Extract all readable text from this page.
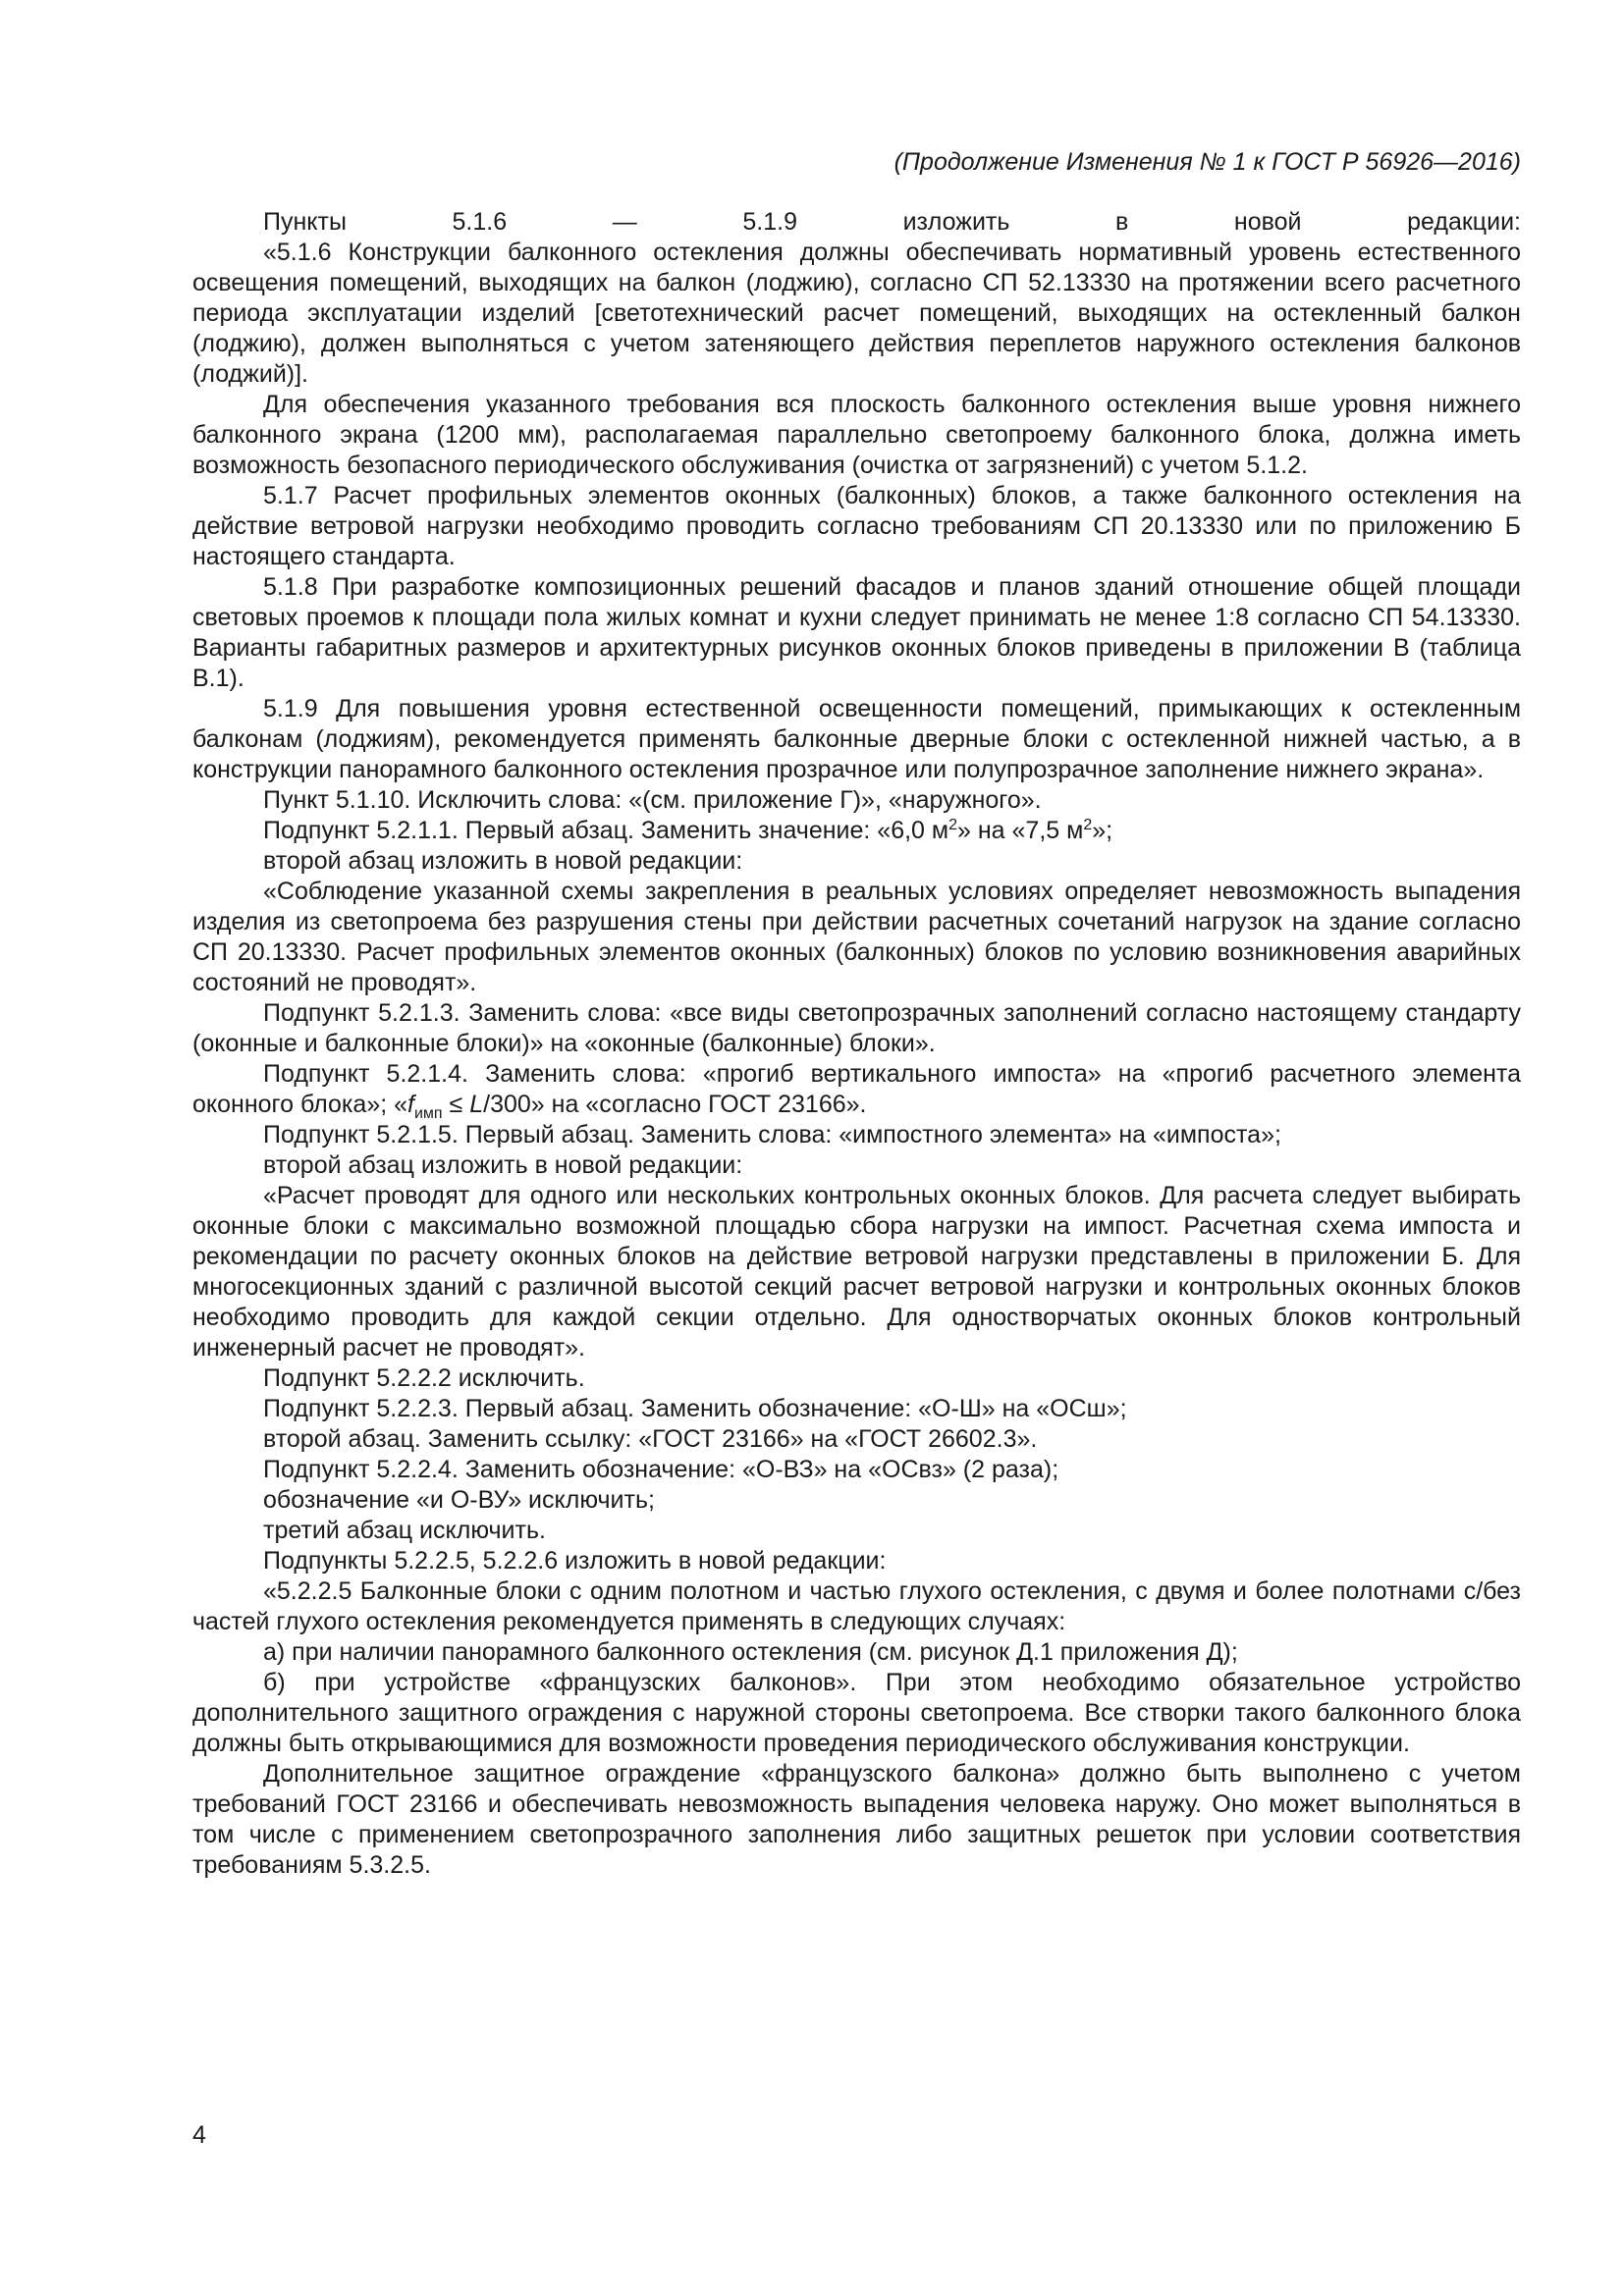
(Продолжение Изменения № 1 к ГОСТ Р 56926—2016)

Пункты 5.1.6 — 5.1.9 изложить в новой редакции:

«5.1.6 Конструкции балконного остекления должны обеспечивать нормативный уровень естественного освещения помещений, выходящих на балкон (лоджию), согласно СП 52.13330 на протяжении всего расчетного периода эксплуатации изделий [светотехнический расчет помещений, выходящих на остекленный балкон (лоджию), должен выполняться с учетом затеняющего действия переплетов наружного остекления балконов (лоджий)].

Для обеспечения указанного требования вся плоскость балконного остекления выше уровня нижнего балконного экрана (1200 мм), располагаемая параллельно светопроему балконного блока, должна иметь возможность безопасного периодического обслуживания (очистка от загрязнений) с учетом 5.1.2.

5.1.7 Расчет профильных элементов оконных (балконных) блоков, а также балконного остекления на действие ветровой нагрузки необходимо проводить согласно требованиям СП 20.13330 или по приложению Б настоящего стандарта.

5.1.8 При разработке композиционных решений фасадов и планов зданий отношение общей площади световых проемов к площади пола жилых комнат и кухни следует принимать не менее 1:8 согласно СП 54.13330. Варианты габаритных размеров и архитектурных рисунков оконных блоков приведены в приложении В (таблица В.1).

5.1.9 Для повышения уровня естественной освещенности помещений, примыкающих к остекленным балконам (лоджиям), рекомендуется применять балконные дверные блоки с остекленной нижней частью, а в конструкции панорамного балконного остекления прозрачное или полупрозрачное заполнение нижнего экрана».

Пункт 5.1.10. Исключить слова: «(см. приложение Г)», «наружного».

Подпункт 5.2.1.1. Первый абзац. Заменить значение: «6,0 $м^2$» на «7,5 $м^2$»;

второй абзац изложить в новой редакции:

«Соблюдение указанной схемы закрепления в реальных условиях определяет невозможность выпадения изделия из светопроема без разрушения стены при действии расчетных сочетаний нагрузок на здание согласно СП 20.13330. Расчет профильных элементов оконных (балконных) блоков по условию возникновения аварийных состояний не проводят».

Подпункт 5.2.1.3. Заменить слова: «все виды светопрозрачных заполнений согласно настоящему стандарту (оконные и балконные блоки)» на «оконные (балконные) блоки».

Подпункт 5.2.1.4. Заменить слова: «прогиб вертикального импоста» на «прогиб расчетного элемента оконного блока»; «$f_{имп} \le L/300$» на «согласно ГОСТ 23166».

Подпункт 5.2.1.5. Первый абзац. Заменить слова: «импостного элемента» на «импоста»;

второй абзац изложить в новой редакции:

«Расчет проводят для одного или нескольких контрольных оконных блоков. Для расчета следует выбирать оконные блоки с максимально возможной площадью сбора нагрузки на импост. Расчетная схема импоста и рекомендации по расчету оконных блоков на действие ветровой нагрузки представлены в приложении Б. Для многосекционных зданий с различной высотой секций расчет ветровой нагрузки и контрольных оконных блоков необходимо проводить для каждой секции отдельно. Для одностворчатых оконных блоков контрольный инженерный расчет не проводят».

Подпункт 5.2.2.2 исключить.

Подпункт 5.2.2.3. Первый абзац. Заменить обозначение: «О-Ш» на «ОСш»;

второй абзац. Заменить ссылку: «ГОСТ 23166» на «ГОСТ 26602.3».

Подпункт 5.2.2.4. Заменить обозначение: «О-ВЗ» на «ОСвз» (2 раза);

обозначение «и О-ВУ» исключить;

третий абзац исключить.

Подпункты 5.2.2.5, 5.2.2.6 изложить в новой редакции:

«5.2.2.5 Балконные блоки с одним полотном и частью глухого остекления, с двумя и более полотнами с/без частей глухого остекления рекомендуется применять в следующих случаях:

а) при наличии панорамного балконного остекления (см. рисунок Д.1 приложения Д);

б) при устройстве «французских балконов». При этом необходимо обязательное устройство дополнительного защитного ограждения с наружной стороны светопроема. Все створки такого балконного блока должны быть открывающимися для возможности проведения периодического обслуживания конструкции.

Дополнительное защитное ограждение «французского балкона» должно быть выполнено с учетом требований ГОСТ 23166 и обеспечивать невозможность выпадения человека наружу. Оно может выполняться в том числе с применением светопрозрачного заполнения либо защитных решеток при условии соответствия требованиям 5.3.2.5.

4
